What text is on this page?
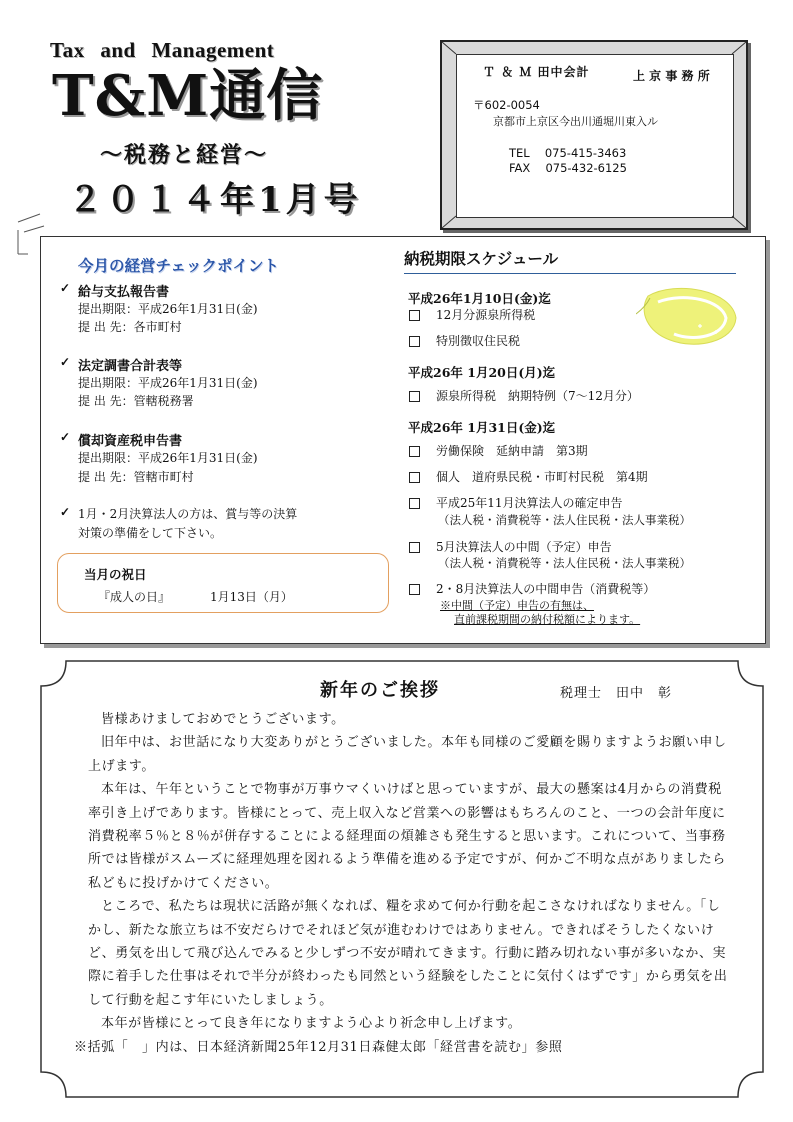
Tax and Management
T&M通信
～税務と経営～
２０１４年1月号
Ｔ ＆ Ｍ 田中会計	上 京 事 務 所
〒602-0054
京都市上京区今出川通堀川東入ル
TEL　 075-415-3463
FAX　 075-432-6125
今月の経営チェックポイント
✓ 給与支払報告書
提出期限：平成26年1月31日(金)
提 出 先：各市町村
✓ 法定調書合計表等
提出期限：平成26年1月31日(金)
提 出 先：管轄税務署
✓ 償却資産税申告書
提出期限：平成26年1月31日(金)
提 出 先：管轄市町村
✓ 1月・2月決算法人の方は、賞与等の決算
対策の準備をして下さい。
当月の祝日
『成人の日』	1月13日（月）
納税期限スケジュール
平成26年1月10日(金)迄
12月分源泉所得税
特別徴収住民税
平成26年 1月20日(月)迄
源泉所得税　納期特例（7～12月分）
平成26年 1月31日(金)迄
労働保険　延納申請　第3期
個人　道府県民税・市町村民税　第4期
平成25年11月決算法人の確定申告
（法人税・消費税等・法人住民税・法人事業税）
5月決算法人の中間（予定）申告
（法人税・消費税等・法人住民税・法人事業税）
2・8月決算法人の中間申告（消費税等）
※中間（予定）申告の有無は、
直前課税期間の納付税額によります。
新年のご挨拶	税理士　田中　彰

皆様あけましておめでとうございます。

旧年中は、お世話になり大変ありがとうございました。本年も同様のご愛顧を賜りますようお願い申し上げます。

本年は、午年ということで物事が万事ウマくいけばと思っていますが、最大の懸案は4月からの消費税率引き上げであります。皆様にとって、売上収入など営業への影響はもちろんのこと、一つの会計年度に消費税率５％と８％が併存することによる経理面の煩雑さも発生すると思います。これについて、当事務所では皆様がスムーズに経理処理を図れるよう準備を進める予定ですが、何かご不明な点がありましたら私どもに投げかけてください。

ところで、私たちは現状に活路が無くなれば、糧を求めて何か行動を起こさなければなりません。「しかし、新たな旅立ちは不安だらけでそれほど気が進むわけではありません。できればそうしたくないけど、勇気を出して飛び込んでみると少しずつ不安が晴れてきます。行動に踏み切れない事が多いなか、実際に着手した仕事はそれで半分が終わったも同然という経験をしたことに気付くはずです」から勇気を出して行動を起こす年にいたしましょう。

本年が皆様にとって良き年になりますよう心より祈念申し上げます。

※括弧「　」内は、日本経済新聞25年12月31日森健太郎「経営書を読む」参照
